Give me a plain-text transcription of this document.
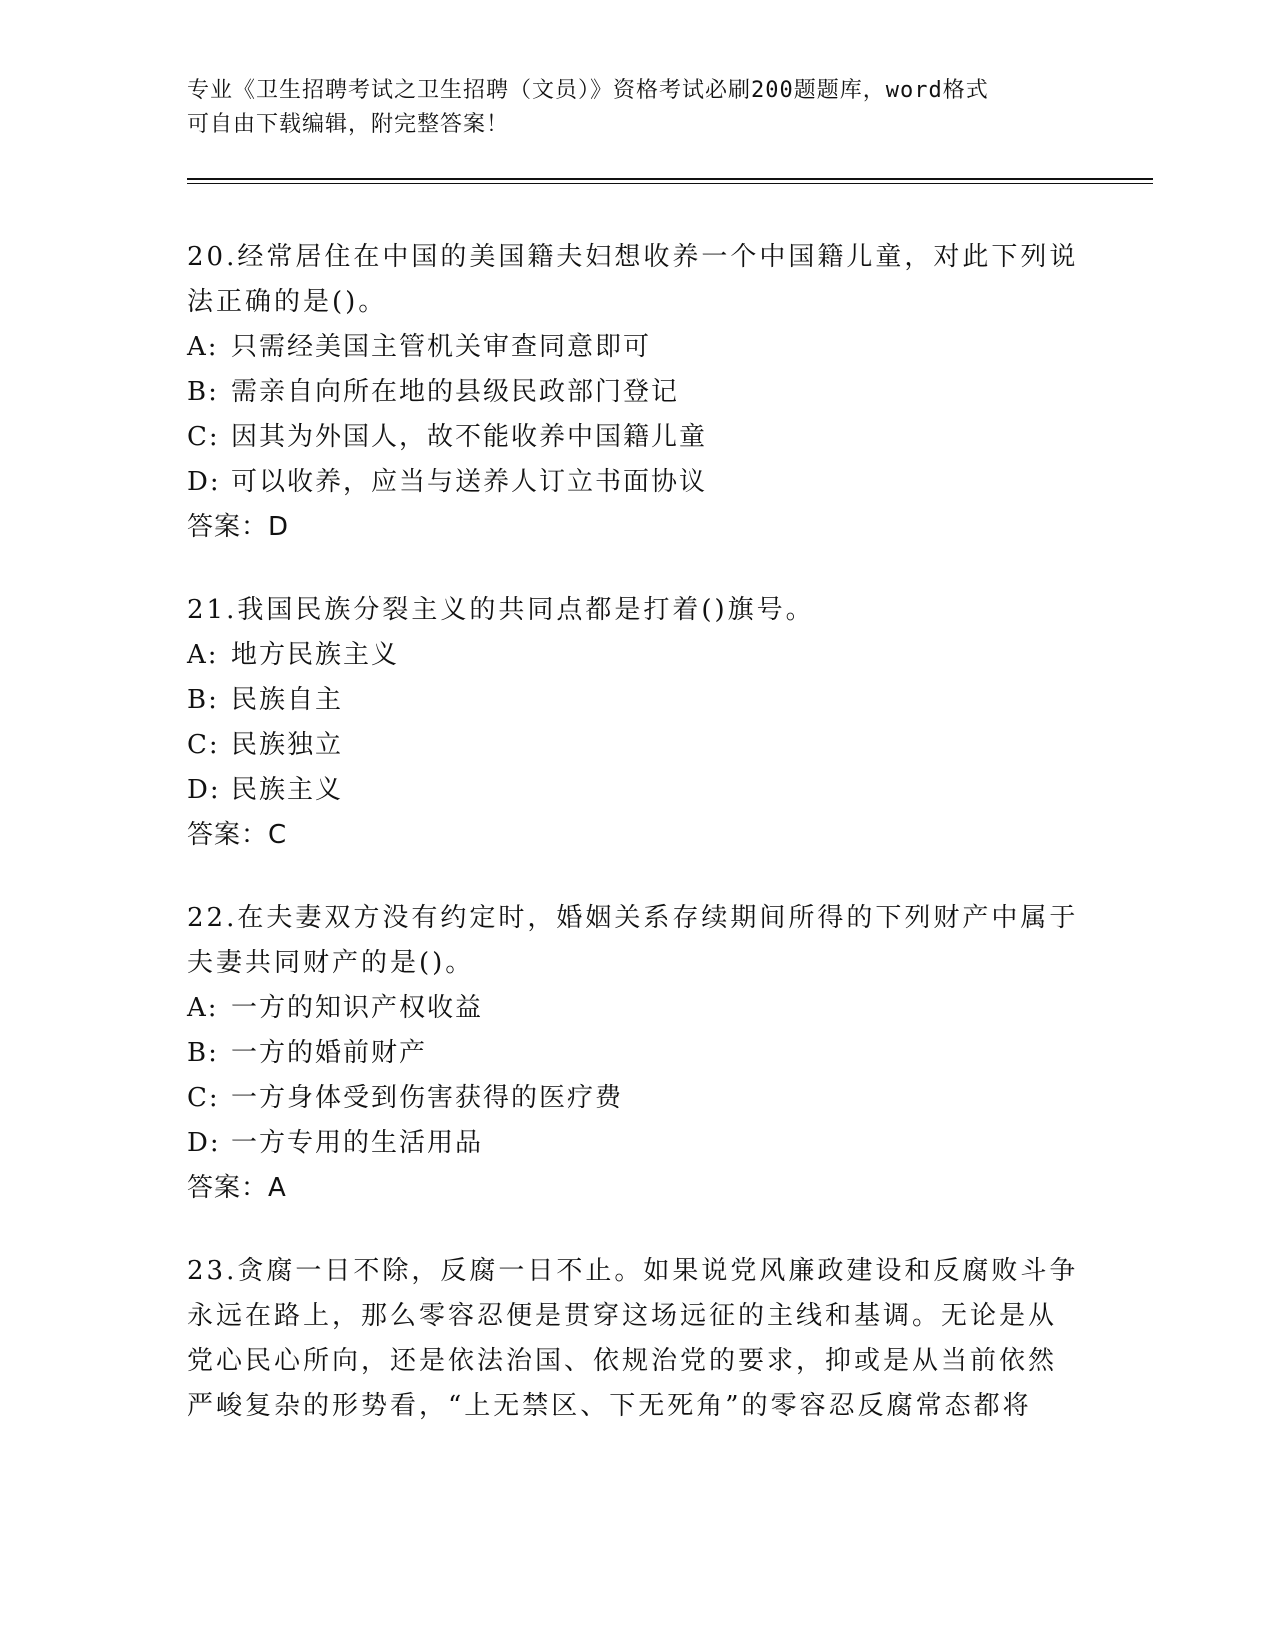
专业《卫生招聘考试之卫生招聘（文员）》资格考试必刷200题题库，word格式
可自由下载编辑，附完整答案！
20.经常居住在中国的美国籍夫妇想收养一个中国籍儿童，对此下列说
法正确的是()。
A: 只需经美国主管机关审查同意即可
B: 需亲自向所在地的县级民政部门登记
C: 因其为外国人，故不能收养中国籍儿童
D: 可以收养，应当与送养人订立书面协议
答案：D
21.我国民族分裂主义的共同点都是打着()旗号。
A: 地方民族主义
B: 民族自主
C: 民族独立
D: 民族主义
答案：C
22.在夫妻双方没有约定时，婚姻关系存续期间所得的下列财产中属于
夫妻共同财产的是()。
A: 一方的知识产权收益
B: 一方的婚前财产
C: 一方身体受到伤害获得的医疗费
D: 一方专用的生活用品
答案：A
23.贪腐一日不除，反腐一日不止。如果说党风廉政建设和反腐败斗争
永远在路上，那么零容忍便是贯穿这场远征的主线和基调。无论是从
党心民心所向，还是依法治国、依规治党的要求，抑或是从当前依然
严峻复杂的形势看，“上无禁区、下无死角”的零容忍反腐常态都将
